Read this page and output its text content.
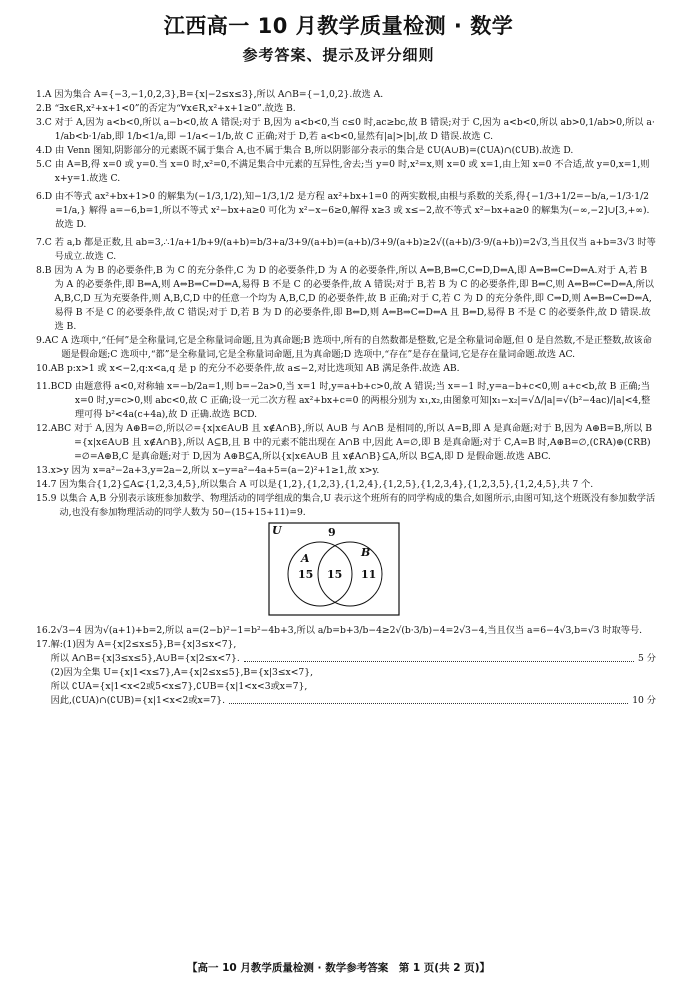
江西高一 10 月教学质量检测 · 数学
参考答案、提示及评分细则
1.A
因为集合 A={−3,−1,0,2,3},B={x|−2≤x≤3},所以 A∩B={−1,0,2}.故选 A.
2.B
“∃x∈R,x²+x+1<0”的否定为“∀x∈R,x²+x+1≥0”.故选 B.
3.C
对于 A,因为 a<b<0,所以 a−b<0,故 A 错误;对于 B,因为 a<b<0,当 c≤0 时,ac≥bc,故 B 错误;对于 C,因为 a<b<0,所以 ab>0,1/ab>0,所以 a·1/ab<b·1/ab,即 1/b<1/a,即 −1/a<−1/b,故 C 正确;对于 D,若 a<b<0,显然有|a|>|b|,故 D 错误.故选 C.
4.D
由 Venn 图知,阴影部分的元素既不属于集合 A,也不属于集合 B,所以阴影部分表示的集合是 ∁U(A∪B)=(∁UA)∩(∁UB).故选 D.
5.C
由 A=B,得 x=0 或 y=0.当 x=0 时,x²=0,不满足集合中元素的互异性,舍去;当 y=0 时,x²=x,则 x=0 或 x=1,由上知 x=0 不合适,故 y=0,x=1,则 x+y=1.故选 C.
6.D
由不等式 ax²+bx+1>0 的解集为(−1/3,1/2),知−1/3,1/2 是方程 ax²+bx+1=0 的两实数根,由根与系数的关系,得{−1/3+1/2=−b/a,−1/3·1/2=1/a,} 解得 a=−6,b=1,所以不等式 x²−bx+a≥0 可化为 x²−x−6≥0,解得 x≥3 或 x≤−2,故不等式 x²−bx+a≥0 的解集为(−∞,−2]∪[3,+∞).故选 D.
7.C
若 a,b 都是正数,且 ab=3,∴1/a+1/b+9/(a+b)=b/3+a/3+9/(a+b)=(a+b)/3+9/(a+b)≥2√((a+b)/3·9/(a+b))=2√3,当且仅当 a+b=3√3 时等号成立.故选 C.
8.B
因为 A 为 B 的必要条件,B 为 C 的充分条件,C 为 D 的必要条件,D 为 A 的必要条件,所以 A⇐B,B⇒C,C⇐D,D⇐A,即 A⇒B⇒C⇐D⇐A.对于 A,若 B 为 A 的必要条件,即 B⇐A,则 A⇔B⇒C⇐D⇐A,易得 B 不是 C 的必要条件,故 A 错误;对于 B,若 B 为 C 的必要条件,即 B⇐C,则 A⇔B⇔C⇐D⇐A,所以 A,B,C,D 互为充要条件,则 A,B,C,D 中的任意一个均为 A,B,C,D 的必要条件,故 B 正确;对于 C,若 C 为 D 的充分条件,即 C⇒D,则 A⇐B⇒C⇔D⇐A,易得 B 不是 C 的必要条件,故 C 错误;对于 D,若 B 为 D 的必要条件,即 B⇐D,则 A⇐B⇒C⇐D⇐A 且 B⇐D,易得 B 不是 C 的必要条件,故 D 错误.故选 B.
9.AC
A 选项中,“任何”是全称量词,它是全称量词命题,且为真命题;B 选项中,所有的自然数都是整数,它是全称量词命题,但 0 是自然数,不是正整数,故该命题是假命题;C 选项中,“都”是全称量词,它是全称量词命题,且为真命题;D 选项中,“存在”是存在量词,它是存在量词命题.故选 AC.
10.AB
p:x>1 或 x<−2,q:x<a,q 是 p 的充分不必要条件,故 a≤−2,对比选项知 AB 满足条件.故选 AB.
11.BCD
由题意得 a<0,对称轴 x=−b/2a=1,则 b=−2a>0,当 x=1 时,y=a+b+c>0,故 A 错误;当 x=−1 时,y=a−b+c<0,则 a+c<b,故 B 正确;当 x=0 时,y=c>0,则 abc<0,故 C 正确;设一元二次方程 ax²+bx+c=0 的两根分别为 x₁,x₂,由图象可知|x₁−x₂|=√Δ/|a|=√(b²−4ac)/|a|<4,整理可得 b²<4a(c+4a),故 D 正确.故选 BCD.
12.ABC
对于 A,因为 A⊕B=∅,所以∅={x|x∈A∪B 且 x∉A∩B},所以 A∪B 与 A∩B 是相同的,所以 A=B,即 A 是真命题;对于 B,因为 A⊕B=B,所以 B={x|x∈A∪B 且 x∉A∩B},所以 A⊆B,且 B 中的元素不能出现在 A∩B 中,因此 A=∅,即 B 是真命题;对于 C,A=B 时,A⊕B=∅,(∁RA)⊕(∁RB)=∅=A⊕B,C 是真命题;对于 D,因为 A⊕B⊆A,所以{x|x∈A∪B 且 x∉A∩B}⊆A,所以 B⊆A,即 D 是假命题.故选 ABC.
13.x>y
因为 x=a²−2a+3,y=2a−2,所以 x−y=a²−4a+5=(a−2)²+1≥1,故 x>y.
14.7
因为集合{1,2}⊆A⊊{1,2,3,4,5},所以集合 A 可以是{1,2},{1,2,3},{1,2,4},{1,2,5},{1,2,3,4},{1,2,3,5},{1,2,4,5},共 7 个.
15.9
以集合 A,B 分别表示该班参加数学、物理活动的同学组成的集合,U 表示这个班所有的同学构成的集合,如图所示,由图可知,这个班既没有参加数学活动,也没有参加物理活动的同学人数为 50−(15+15+11)=9.
U	9
A	B
15 15 11
16.2√3−4
因为√(a+1)+b=2,所以 a=(2−b)²−1=b²−4b+3,所以 a/b=b+3/b−4≥2√(b·3/b)−4=2√3−4,当且仅当 a=6−4√3,b=√3 时取等号.
17. 解:(1)因为 A={x|2≤x≤5},B={x|3≤x<7},
所以 A∩B={x|3≤x≤5},A∪B={x|2≤x<7}.	5 分
(2)因为全集 U={x|1<x≤7},A={x|2≤x≤5},B={x|3≤x<7},
所以 ∁UA={x|1<x<2或5<x≤7},∁UB={x|1<x<3或x=7},
因此,(∁UA)∩(∁UB)={x|1<x<2或x=7}.	10 分
【高一 10 月教学质量检测 · 数学参考答案　第 1 页(共 2 页)】
